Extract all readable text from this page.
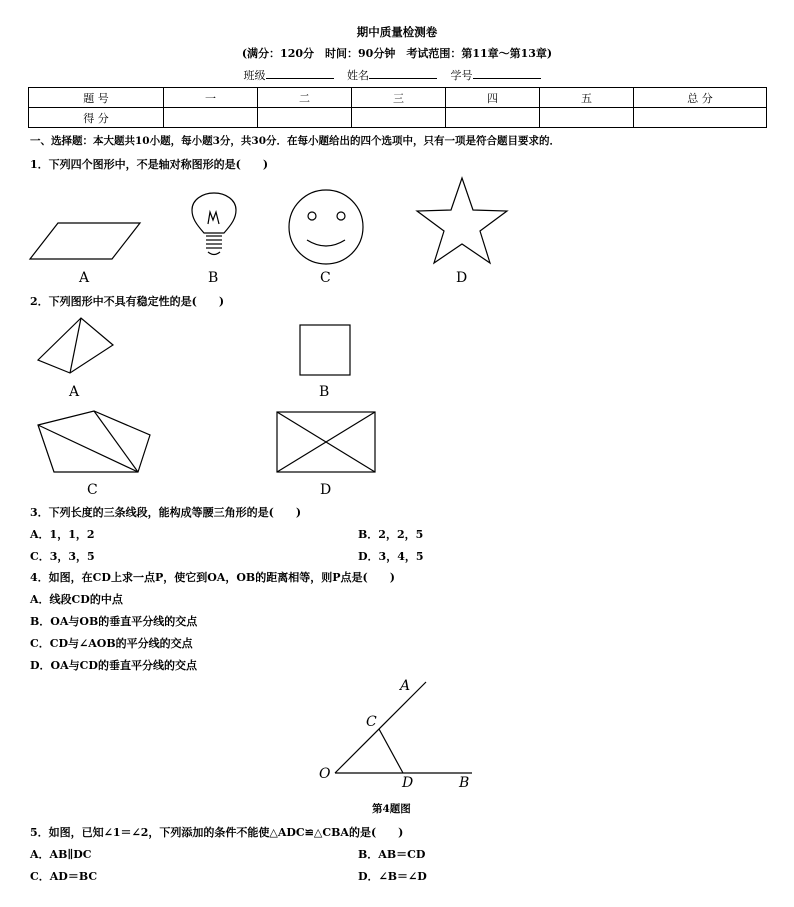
期中质量检测卷
(满分：120分　时间：90分钟　考试范围：第11章～第13章)
班级	姓名	学号
题 号	一	二	三	四	五	总 分
得 分						
一、选择题：本大题共10小题，每小题3分，共30分．在每小题给出的四个选项中，只有一项是符合题目要求的．
1．下列四个图形中，不是轴对称图形的是(　　)
A	B	C	D
2．下列图形中不具有稳定性的是(　　)
A	B
C	D
3．下列长度的三条线段，能构成等腰三角形的是(　　)
A．1，1，2	B．2，2，5
C．3，3，5	D．3，4，5
4．如图，在CD上求一点P，使它到OA，OB的距离相等，则P点是(　　)
A．线段CD的中点
B．OA与OB的垂直平分线的交点
C．CD与∠AOB的平分线的交点
D．OA与CD的垂直平分线的交点
A
C
O
D	B
第4题图
5．如图，已知∠1＝∠2，下列添加的条件不能使△ADC≌△CBA的是(　　)
A．AB∥DC	B．AB＝CD
C．AD＝BC	D．∠B＝∠D
